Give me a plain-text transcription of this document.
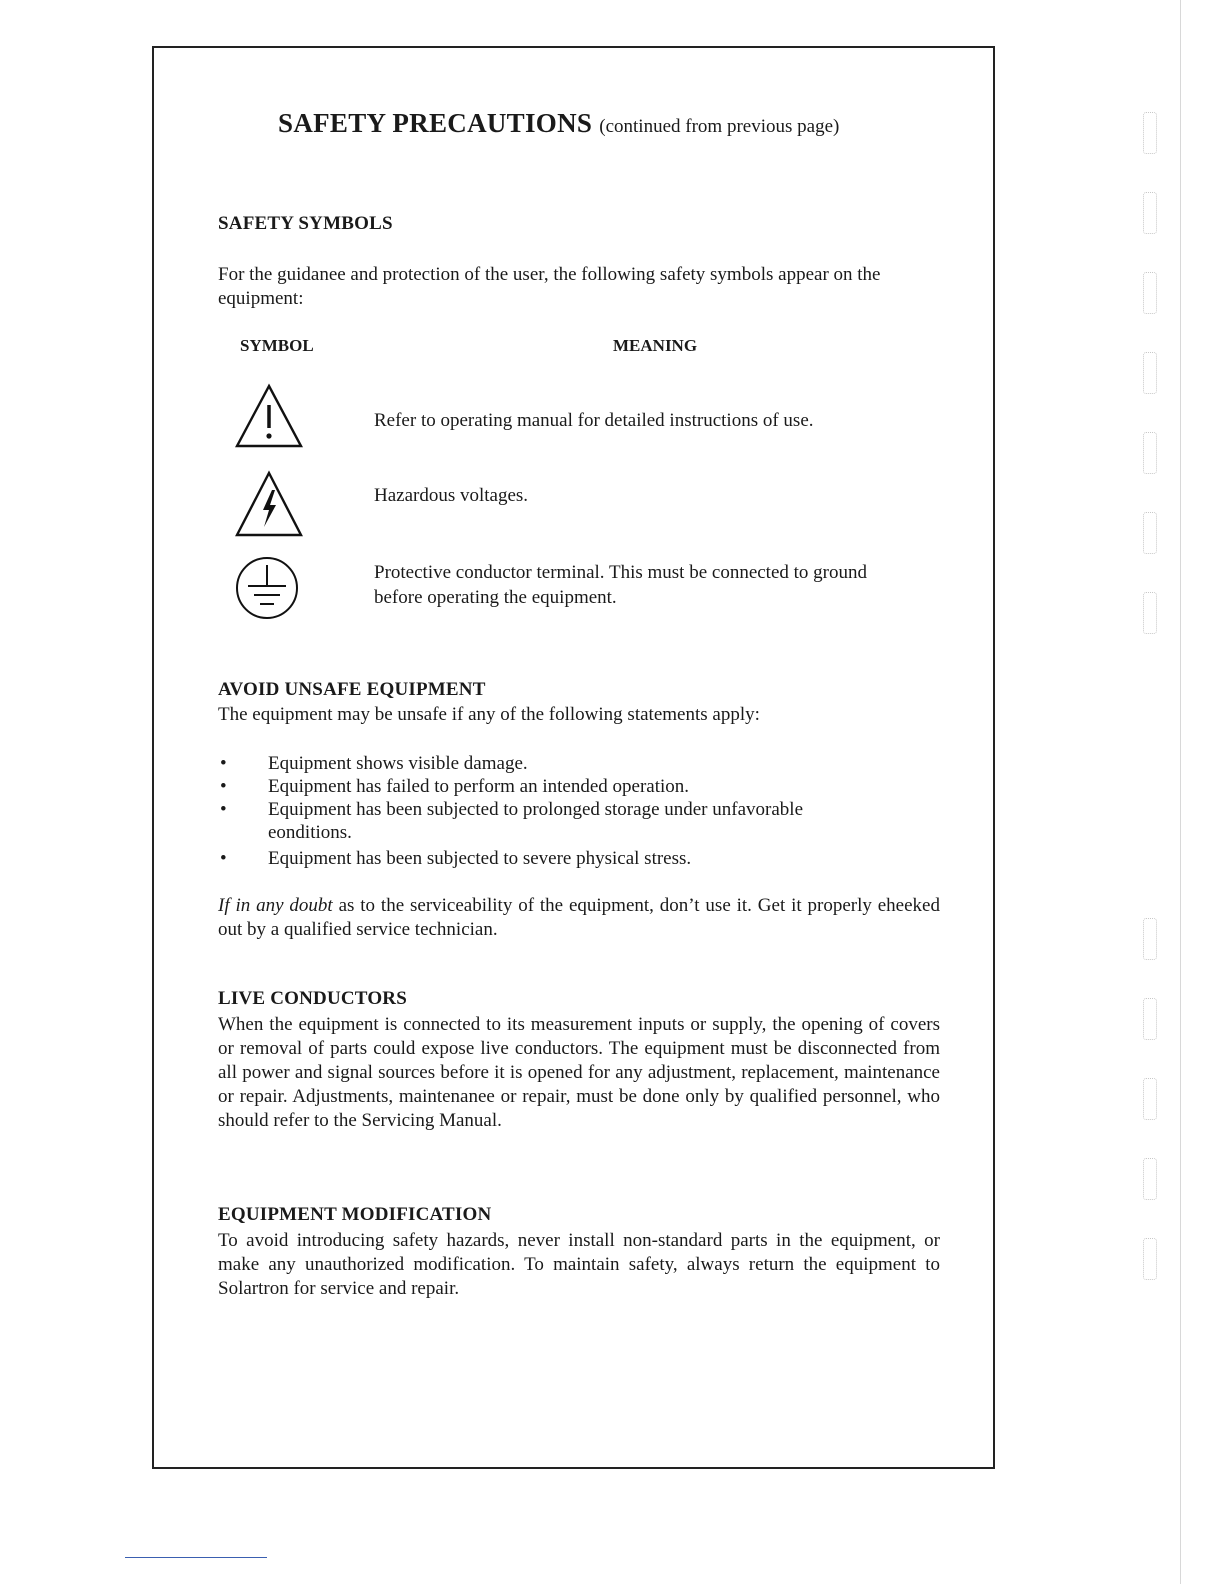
SAFETY PRECAUTIONS (continued from previous page)
SAFETY SYMBOLS

For the guidanee and protection of the user, the following safety symbols appear on the equipment:

SYMBOL	MEANING
Refer to operating manual for detailed instructions of use.
Hazardous voltages.
Protective conductor terminal. This must be connected to ground before operating the equipment.
AVOID UNSAFE EQUIPMENT

The equipment may be unsafe if any of the following statements apply:

• Equipment shows visible damage.
• Equipment has failed to perform an intended operation.
• Equipment has been subjected to prolonged storage under unfavorable eonditions.
• Equipment has been subjected to severe physical stress.

If in any doubt as to the serviceability of the equipment, don’t use it. Get it properly eheeked out by a qualified service technician.

LIVE CONDUCTORS

When the equipment is connected to its measurement inputs or supply, the opening of covers or removal of parts could expose live conductors. The equipment must be disconnected from all power and signal sources before it is opened for any adjustment, replacement, maintenance or repair. Adjustments, maintenanee or repair, must be done only by qualified personnel, who should refer to the Servicing Manual.

EQUIPMENT MODIFICATION

To avoid introducing safety hazards, never install non-standard parts in the equipment, or make any unauthorized modification. To maintain safety, always return the equipment to Solartron for service and repair.
